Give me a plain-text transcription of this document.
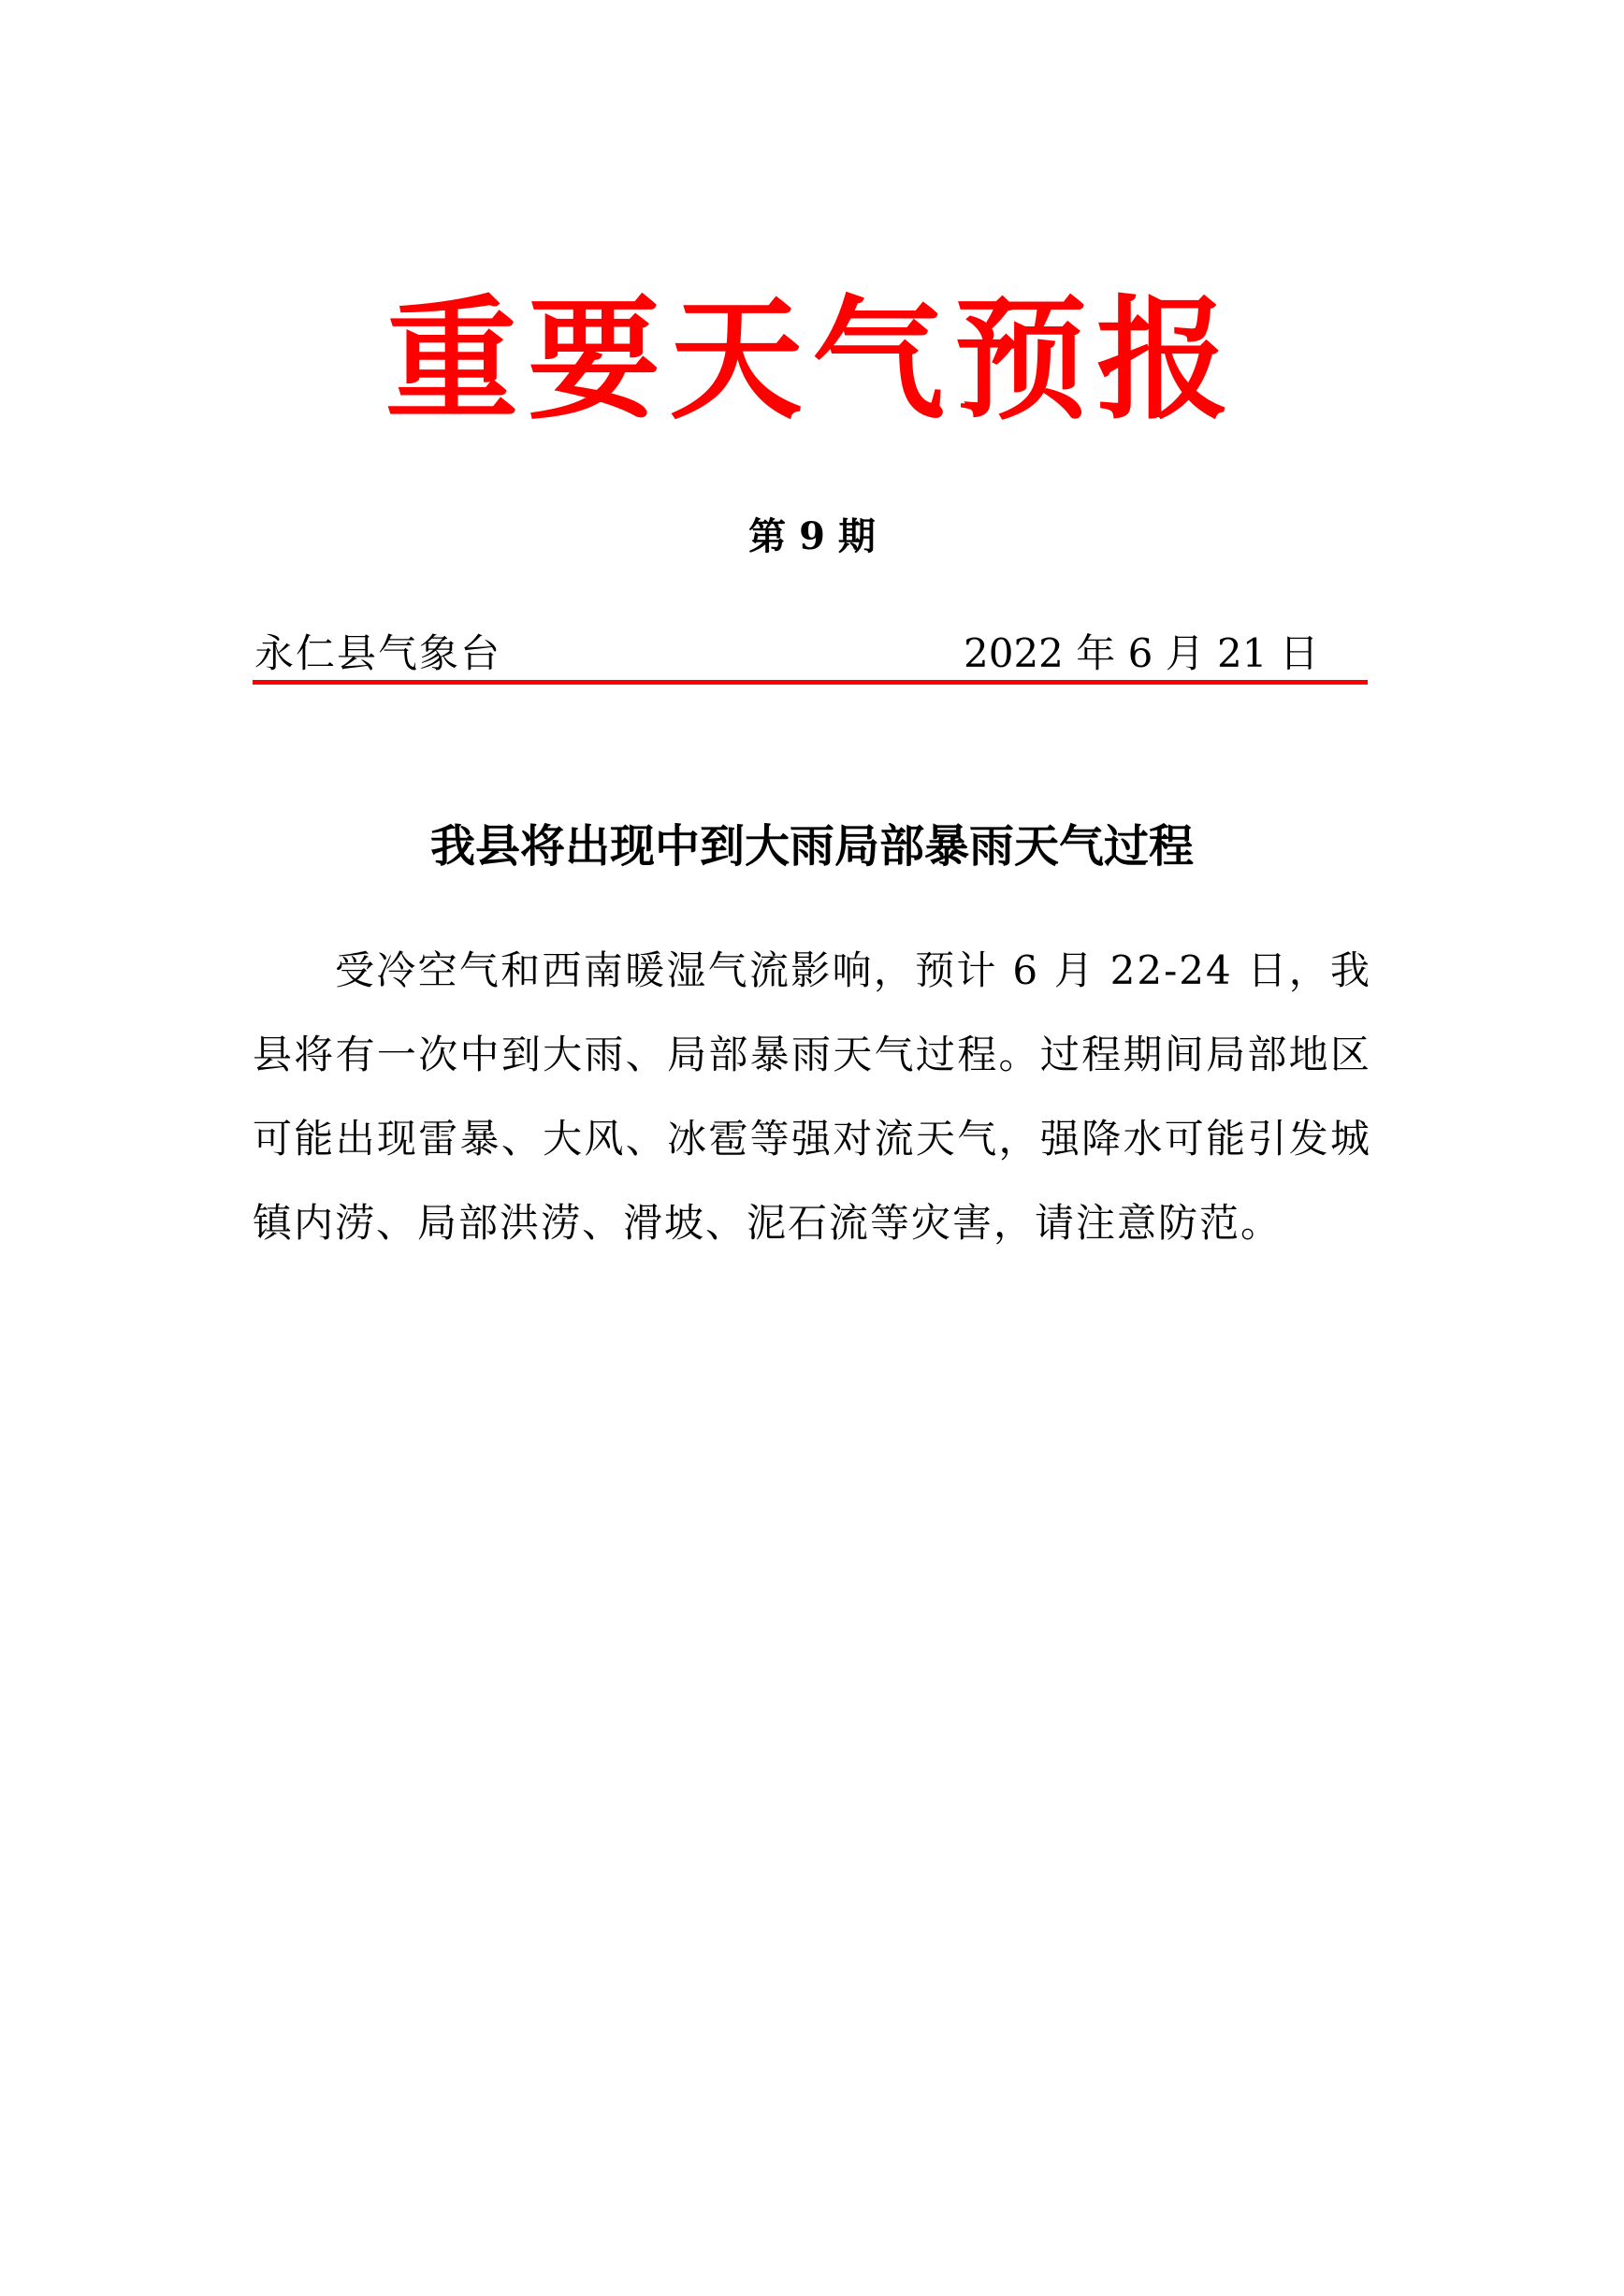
重要天气预报
第 9 期
永仁县气象台	2022 年 6 月 21 日
我县将出现中到大雨局部暴雨天气过程

受冷空气和西南暖湿气流影响，预计 6 月 22-24 日，我县将有一次中到大雨、局部暴雨天气过程。过程期间局部地区可能出现雷暴、大风、冰雹等强对流天气，强降水可能引发城镇内涝、局部洪涝、滑坡、泥石流等灾害，请注意防范。
